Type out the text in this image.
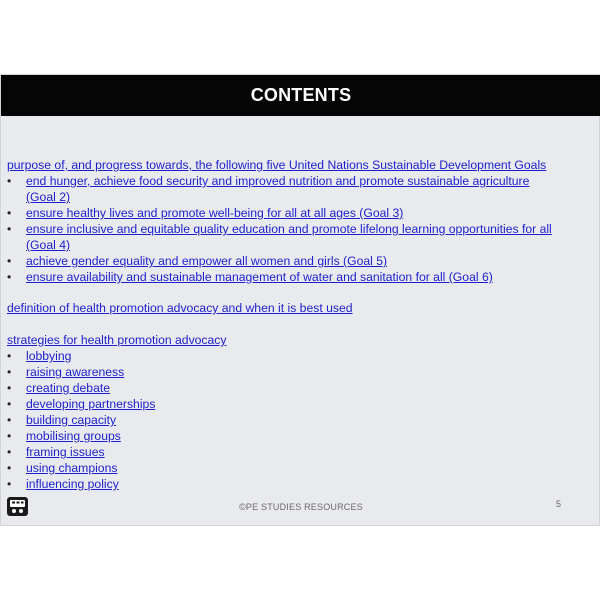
CONTENTS
purpose of, and progress towards, the following five United Nations Sustainable Development Goals
•	end hunger, achieve food security and improved nutrition and promote sustainable agriculture
(Goal 2)
•	ensure healthy lives and promote well-being for all at all ages (Goal 3)
•	ensure inclusive and equitable quality education and promote lifelong learning opportunities for all
(Goal 4)
•	achieve gender equality and empower all women and girls (Goal 5)
•	ensure availability and sustainable management of water and sanitation for all (Goal 6)
definition of health promotion advocacy and when it is best used
strategies for health promotion advocacy
•	lobbying
•	raising awareness
•	creating debate
•	developing partnerships
•	building capacity
•	mobilising groups
•	framing issues
•	using champions
•	influencing policy
©PE STUDIES RESOURCES	5
